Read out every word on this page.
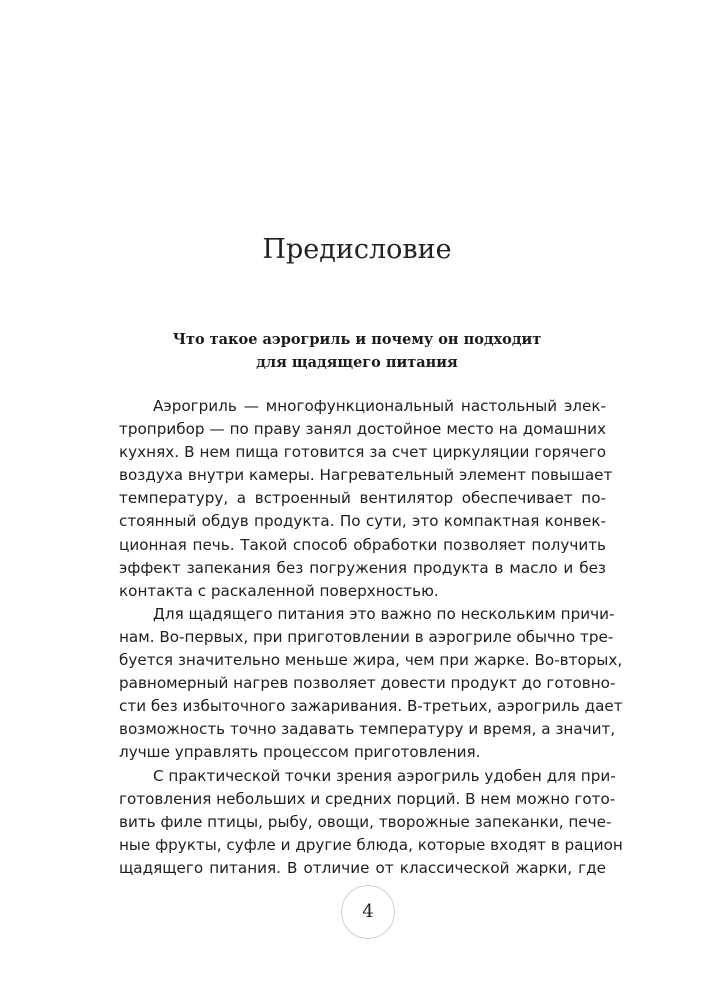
Предисловие
Что такое аэрогриль и почему он подходит
для щадящего питания
Аэрогриль — многофункциональный настольный элек-
троприбор — по праву занял достойное место на домашних
кухнях. В нем пища готовится за счет циркуляции горячего
воздуха внутри камеры. Нагревательный элемент повышает
температуру, а встроенный вентилятор обеспечивает по-
стоянный обдув продукта. По сути, это компактная конвек-
ционная печь. Такой способ обработки позволяет получить
эффект запекания без погружения продукта в масло и без
контакта с раскаленной поверхностью.
Для щадящего питания это важно по нескольким причи-
нам. Во-первых, при приготовлении в аэрогриле обычно тре-
буется значительно меньше жира, чем при жарке. Во-вторых,
равномерный нагрев позволяет довести продукт до готовно-
сти без избыточного зажаривания. В-третьих, аэрогриль дает
возможность точно задавать температуру и время, а значит,
лучше управлять процессом приготовления.
С практической точки зрения аэрогриль удобен для при-
готовления небольших и средних порций. В нем можно гото-
вить филе птицы, рыбу, овощи, творожные запеканки, пече-
ные фрукты, суфле и другие блюда, которые входят в рацион
щадящего питания. В отличие от классической жарки, где
4
